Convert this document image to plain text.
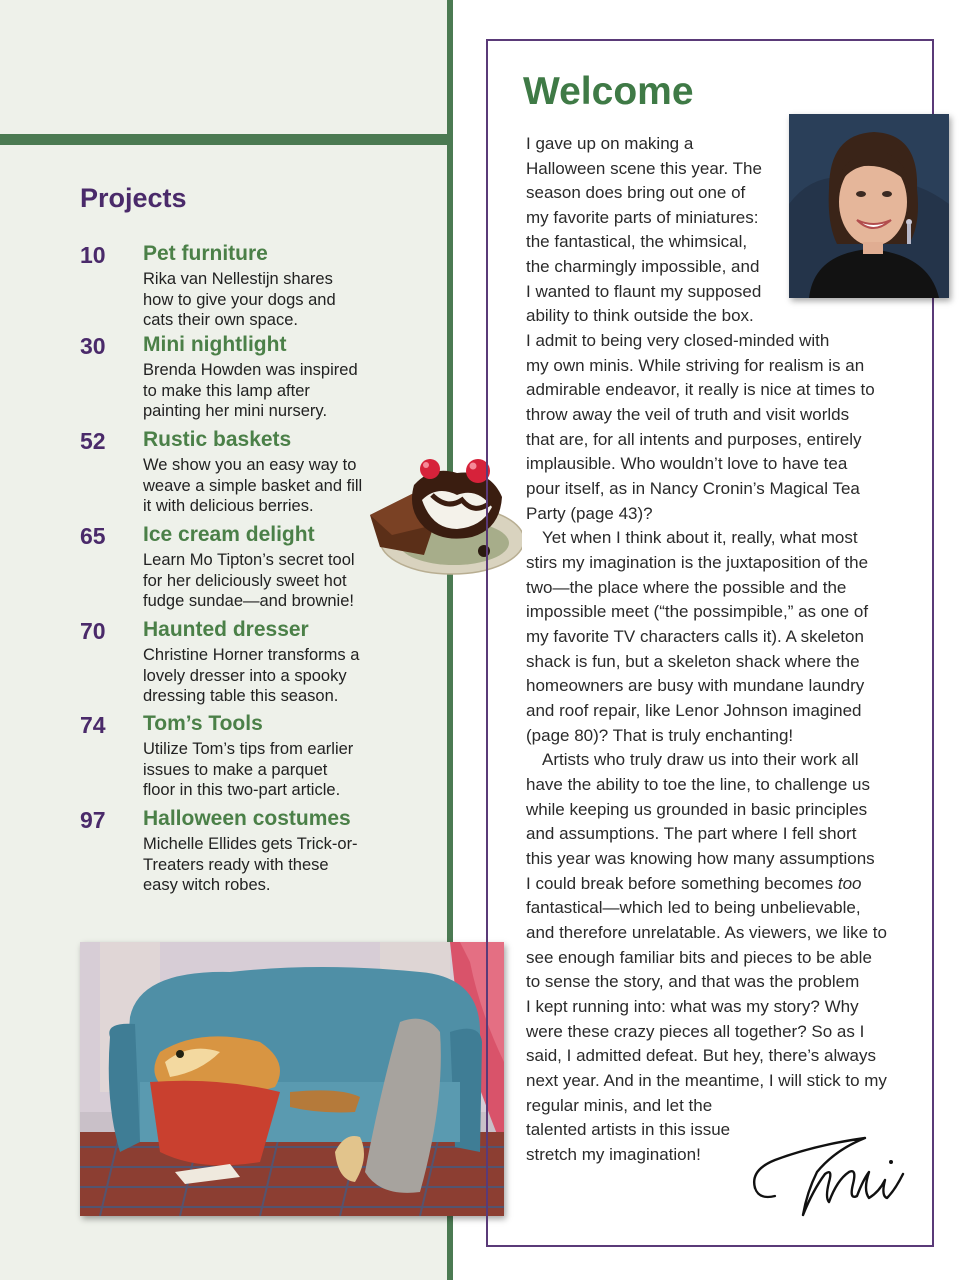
Projects
10 Pet furniture
Rika van Nellestijn shares
how to give your dogs and
cats their own space.
30 Mini nightlight
Brenda Howden was inspired
to make this lamp after
painting her mini nursery.
52 Rustic baskets
We show you an easy way to
weave a simple basket and fill
it with delicious berries.
65 Ice cream delight
Learn Mo Tipton’s secret tool
for her deliciously sweet hot
fudge sundae—and brownie!
70 Haunted dresser
Christine Horner transforms a
lovely dresser into a spooky
dressing table this season.
74 Tom’s Tools
Utilize Tom’s tips from earlier
issues to make a parquet
floor in this two-part article.
97 Halloween costumes
Michelle Ellides gets Trick-or-
Treaters ready with these
easy witch robes.
Welcome
I gave up on making a
Halloween scene this year. The
season does bring out one of
my favorite parts of miniatures:
the fantastical, the whimsical,
the charmingly impossible, and
I wanted to flaunt my supposed
ability to think outside the box.
I admit to being very closed-minded with
my own minis. While striving for realism is an
admirable endeavor, it really is nice at times to
throw away the veil of truth and visit worlds
that are, for all intents and purposes, entirely
implausible. Who wouldn’t love to have tea
pour itself, as in Nancy Cronin’s Magical Tea
Party (page 43)?
Yet when I think about it, really, what most
stirs my imagination is the juxtaposition of the
two—the place where the possible and the
impossible meet (“the possimpible,” as one of
my favorite TV characters calls it). A skeleton
shack is fun, but a skeleton shack where the
homeowners are busy with mundane laundry
and roof repair, like Lenor Johnson imagined
(page 80)? That is truly enchanting!
Artists who truly draw us into their work all
have the ability to toe the line, to challenge us
while keeping us grounded in basic principles
and assumptions. The part where I fell short
this year was knowing how many assumptions
I could break before something becomes too
fantastical—which led to being unbelievable,
and therefore unrelatable. As viewers, we like to
see enough familiar bits and pieces to be able
to sense the story, and that was the problem
I kept running into: what was my story? Why
were these crazy pieces all together? So as I
said, I admitted defeat. But hey, there’s always
next year. And in the meantime, I will stick to my
regular minis, and let the
talented artists in this issue
stretch my imagination!
